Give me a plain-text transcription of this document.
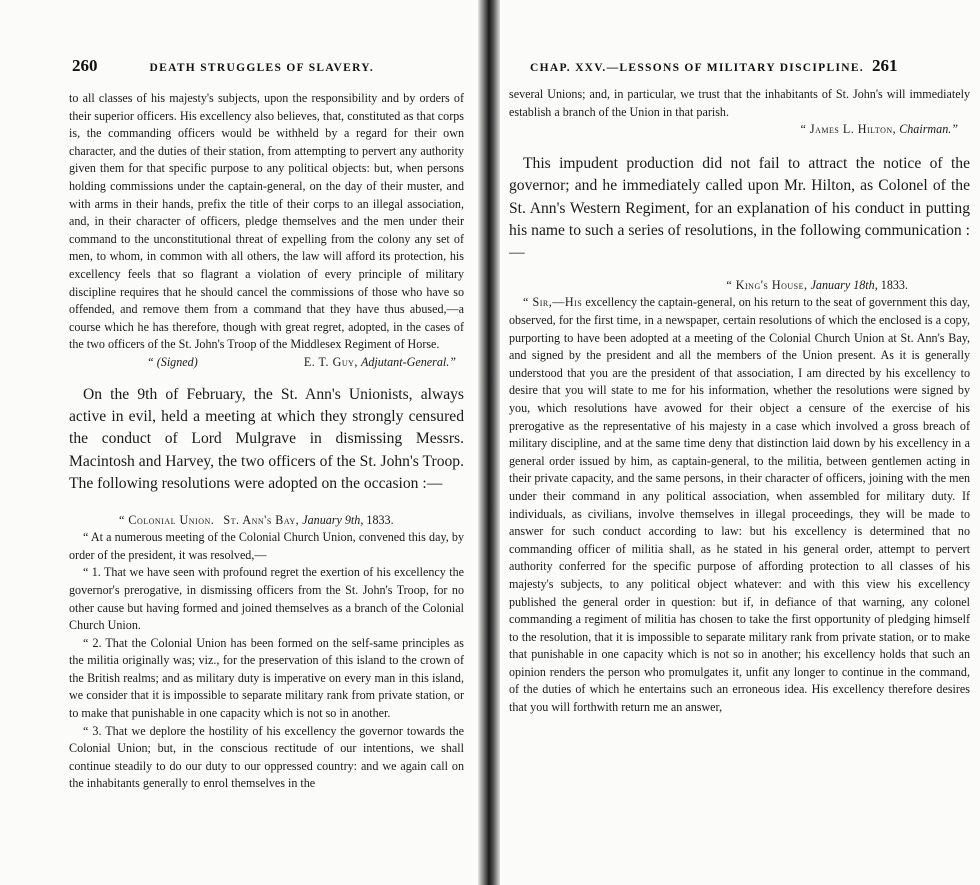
260	DEATH STRUGGLES OF SLAVERY.

to all classes of his majesty's subjects, upon the responsibility and by orders of their superior officers. His excellency also believes, that, constituted as that corps is, the commanding officers would be withheld by a regard for their own character, and the duties of their station, from attempting to pervert any authority given them for that specific purpose to any political objects: but, when persons holding commissions under the captain-general, on the day of their muster, and with arms in their hands, prefix the title of their corps to an illegal association, and, in their character of officers, pledge themselves and the men under their command to the unconstitutional threat of expelling from the colony any set of men, to whom, in common with all others, the law will afford its protection, his excellency feels that so flagrant a violation of every principle of military discipline requires that he should cancel the commissions of those who have so offended, and remove them from a command that they have thus abused,—a course which he has therefore, though with great regret, adopted, in the cases of the two officers of the St. John's Troop of the Middlesex Regiment of Horse.

“ (Signed)	E. T. Guy, Adjutant-General.”

On the 9th of February, the St. Ann's Unionists, always active in evil, held a meeting at which they strongly censured the conduct of Lord Mulgrave in dismissing Messrs. Macintosh and Harvey, the two officers of the St. John's Troop. The following resolutions were adopted on the occasion :—

“ Colonial Union. St. Ann's Bay, January 9th, 1833.

“ At a numerous meeting of the Colonial Church Union, convened this day, by order of the president, it was resolved,—

“ 1. That we have seen with profound regret the exertion of his excellency the governor's prerogative, in dismissing officers from the St. John's Troop, for no other cause but having formed and joined themselves as a branch of the Colonial Church Union.

“ 2. That the Colonial Union has been formed on the self-same principles as the militia originally was; viz., for the preservation of this island to the crown of the British realms; and as military duty is imperative on every man in this island, we consider that it is impossible to separate military rank from private station, or to make that punishable in one capacity which is not so in another.

“ 3. That we deplore the hostility of his excellency the governor towards the Colonial Union; but, in the conscious rectitude of our intentions, we shall continue steadily to do our duty to our oppressed country: and we again call on the inhabitants generally to enrol themselves in the

CHAP. XXV.—LESSONS OF MILITARY DISCIPLINE. 261

several Unions; and, in particular, we trust that the inhabitants of St. John's will immediately establish a branch of the Union in that parish.

“ James L. Hilton, Chairman.”

This impudent production did not fail to attract the notice of the governor; and he immediately called upon Mr. Hilton, as Colonel of the St. Ann's Western Regiment, for an explanation of his conduct in putting his name to such a series of resolutions, in the following communication :—

“ King's House, January 18th, 1833.

“ Sir,—His excellency the captain-general, on his return to the seat of government this day, observed, for the first time, in a newspaper, certain resolutions of which the enclosed is a copy, purporting to have been adopted at a meeting of the Colonial Church Union at St. Ann's Bay, and signed by the president and all the members of the Union present. As it is generally understood that you are the president of that association, I am directed by his excellency to desire that you will state to me for his information, whether the resolutions were signed by you, which resolutions have avowed for their object a censure of the exercise of his prerogative as the representative of his majesty in a case which involved a gross breach of military discipline, and at the same time deny that distinction laid down by his excellency in a general order issued by him, as captain-general, to the militia, between gentlemen acting in their private capacity, and the same persons, in their character of officers, joining with the men under their command in any political association, when assembled for military duty. If individuals, as civilians, involve themselves in illegal proceedings, they will be made to answer for such conduct according to law: but his excellency is determined that no commanding officer of militia shall, as he stated in his general order, attempt to pervert authority conferred for the specific purpose of affording protection to all classes of his majesty's subjects, to any political object whatever: and with this view his excellency published the general order in question: but if, in defiance of that warning, any colonel commanding a regiment of militia has chosen to take the first opportunity of pledging himself to the resolution, that it is impossible to separate military rank from private station, or to make that punishable in one capacity which is not so in another; his excellency holds that such an opinion renders the person who promulgates it, unfit any longer to continue in the command, of the duties of which he entertains such an erroneous idea. His excellency therefore desires that you will forthwith return me an answer,
